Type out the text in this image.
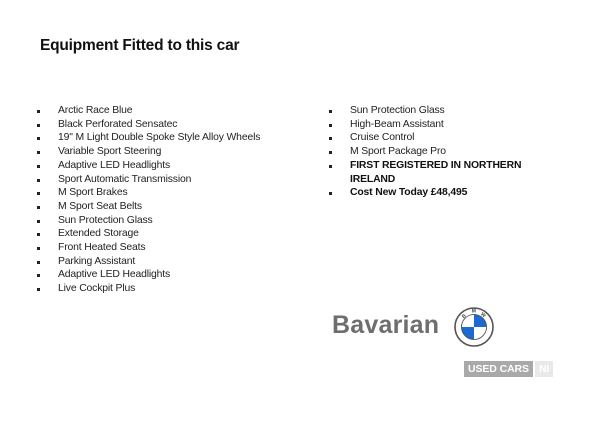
Equipment Fitted to this car
Arctic Race Blue
Black Perforated Sensatec
19" M Light Double Spoke Style Alloy Wheels
Variable Sport Steering
Adaptive LED Headlights
Sport Automatic Transmission
M Sport Brakes
M Sport Seat Belts
Sun Protection Glass
Extended Storage
Front Heated Seats
Parking Assistant
Adaptive LED Headlights
Live Cockpit Plus
Sun Protection Glass
High-Beam Assistant
Cruise Control
M Sport Package Pro
FIRST REGISTERED IN NORTHERN IRELAND
Cost New Today £48,495
Bavarian	B
M W
USED CARS NI
